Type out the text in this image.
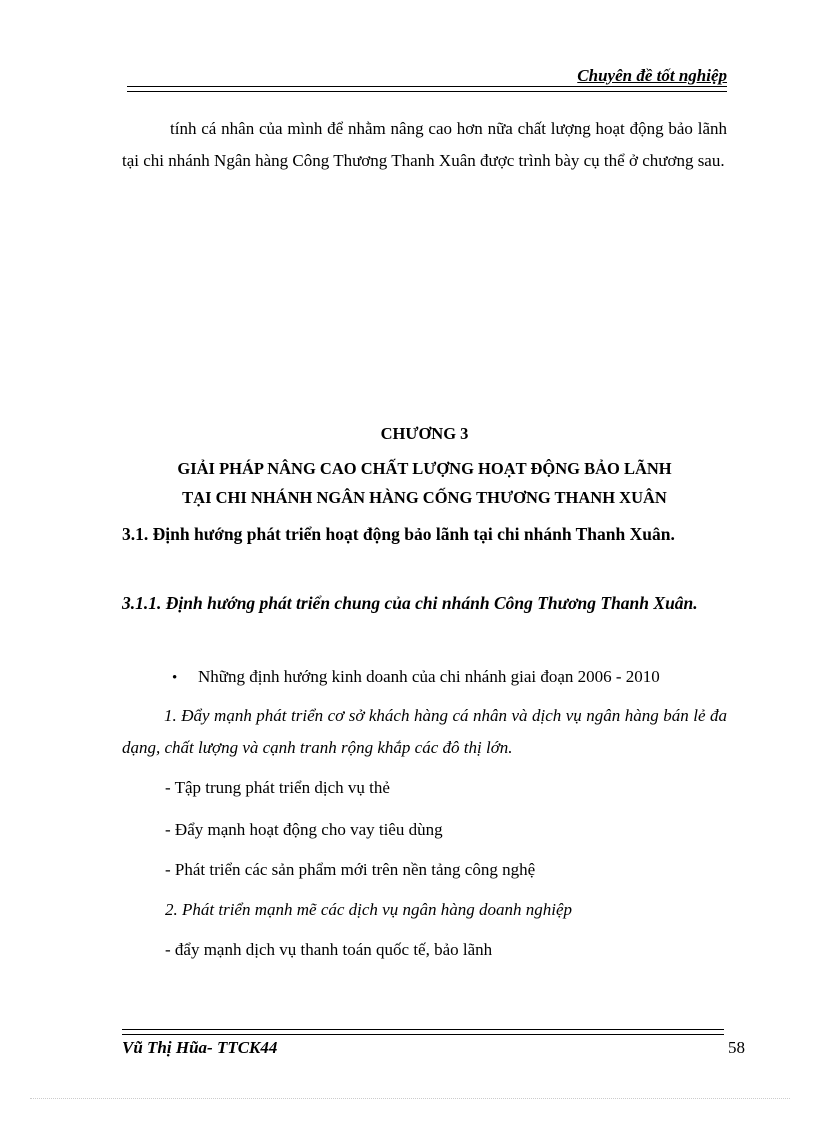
Chuyên đề tốt nghiệp
tính cá nhân của mình để nhằm nâng cao hơn nữa chất lượng hoạt động bảo lãnh tại chi nhánh Ngân hàng Công Thương Thanh Xuân được trình bày cụ thể ở chương sau.
CHƯƠNG 3
GIẢI PHÁP NÂNG CAO CHẤT LƯỢNG HOẠT ĐỘNG BẢO LÃNH
TẠI CHI NHÁNH NGÂN HÀNG CỐNG THƯƠNG THANH XUÂN
3.1. Định hướng phát triển hoạt động bảo lãnh tại chi nhánh Thanh Xuân.
3.1.1. Định hướng phát triển chung của chi nhánh Công Thương Thanh Xuân.
• Những định hướng kinh doanh của chi nhánh giai đoạn 2006 - 2010
1. Đẩy mạnh phát triển cơ sở khách hàng cá nhân và dịch vụ ngân hàng bán lẻ đa dạng, chất lượng và cạnh tranh rộng khắp các đô thị lớn.
- Tập trung phát triển dịch vụ thẻ
- Đẩy mạnh hoạt động cho vay tiêu dùng
- Phát triển các sản phẩm mới trên nền tảng công nghệ
2. Phát triển mạnh mẽ các dịch vụ ngân hàng doanh nghiệp
- đẩy mạnh dịch vụ thanh toán quốc tế, bảo lãnh
Vũ Thị Hũa- TTCK44	58
